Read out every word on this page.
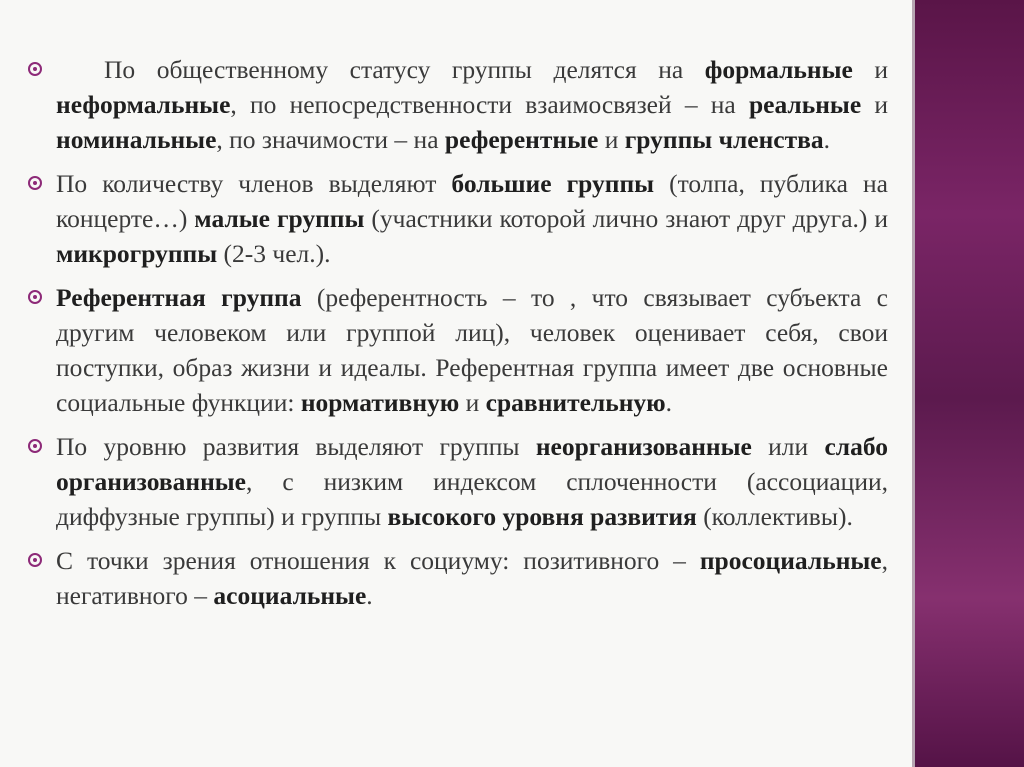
По общественному статусу группы делятся на формальные и неформальные, по непосредственности взаимосвязей – на реальные и номинальные, по значимости – на референтные и группы членства.
По количеству членов выделяют большие группы (толпа, публика на концерте…) малые группы (участники которой лично знают друг друга.) и микрогруппы (2-3 чел.).
Референтная группа (референтность – то , что связывает субъекта с другим человеком или группой лиц), человек оценивает себя, свои поступки, образ жизни и идеалы. Референтная группа имеет две основные социальные функции: нормативную и сравнительную.
По уровню развития выделяют группы неорганизованные или слабо организованные, с низким индексом сплоченности (ассоциации, диффузные группы) и группы высокого уровня развития (коллективы).
С точки зрения отношения к социуму: позитивного – просоциальные, негативного – асоциальные.
